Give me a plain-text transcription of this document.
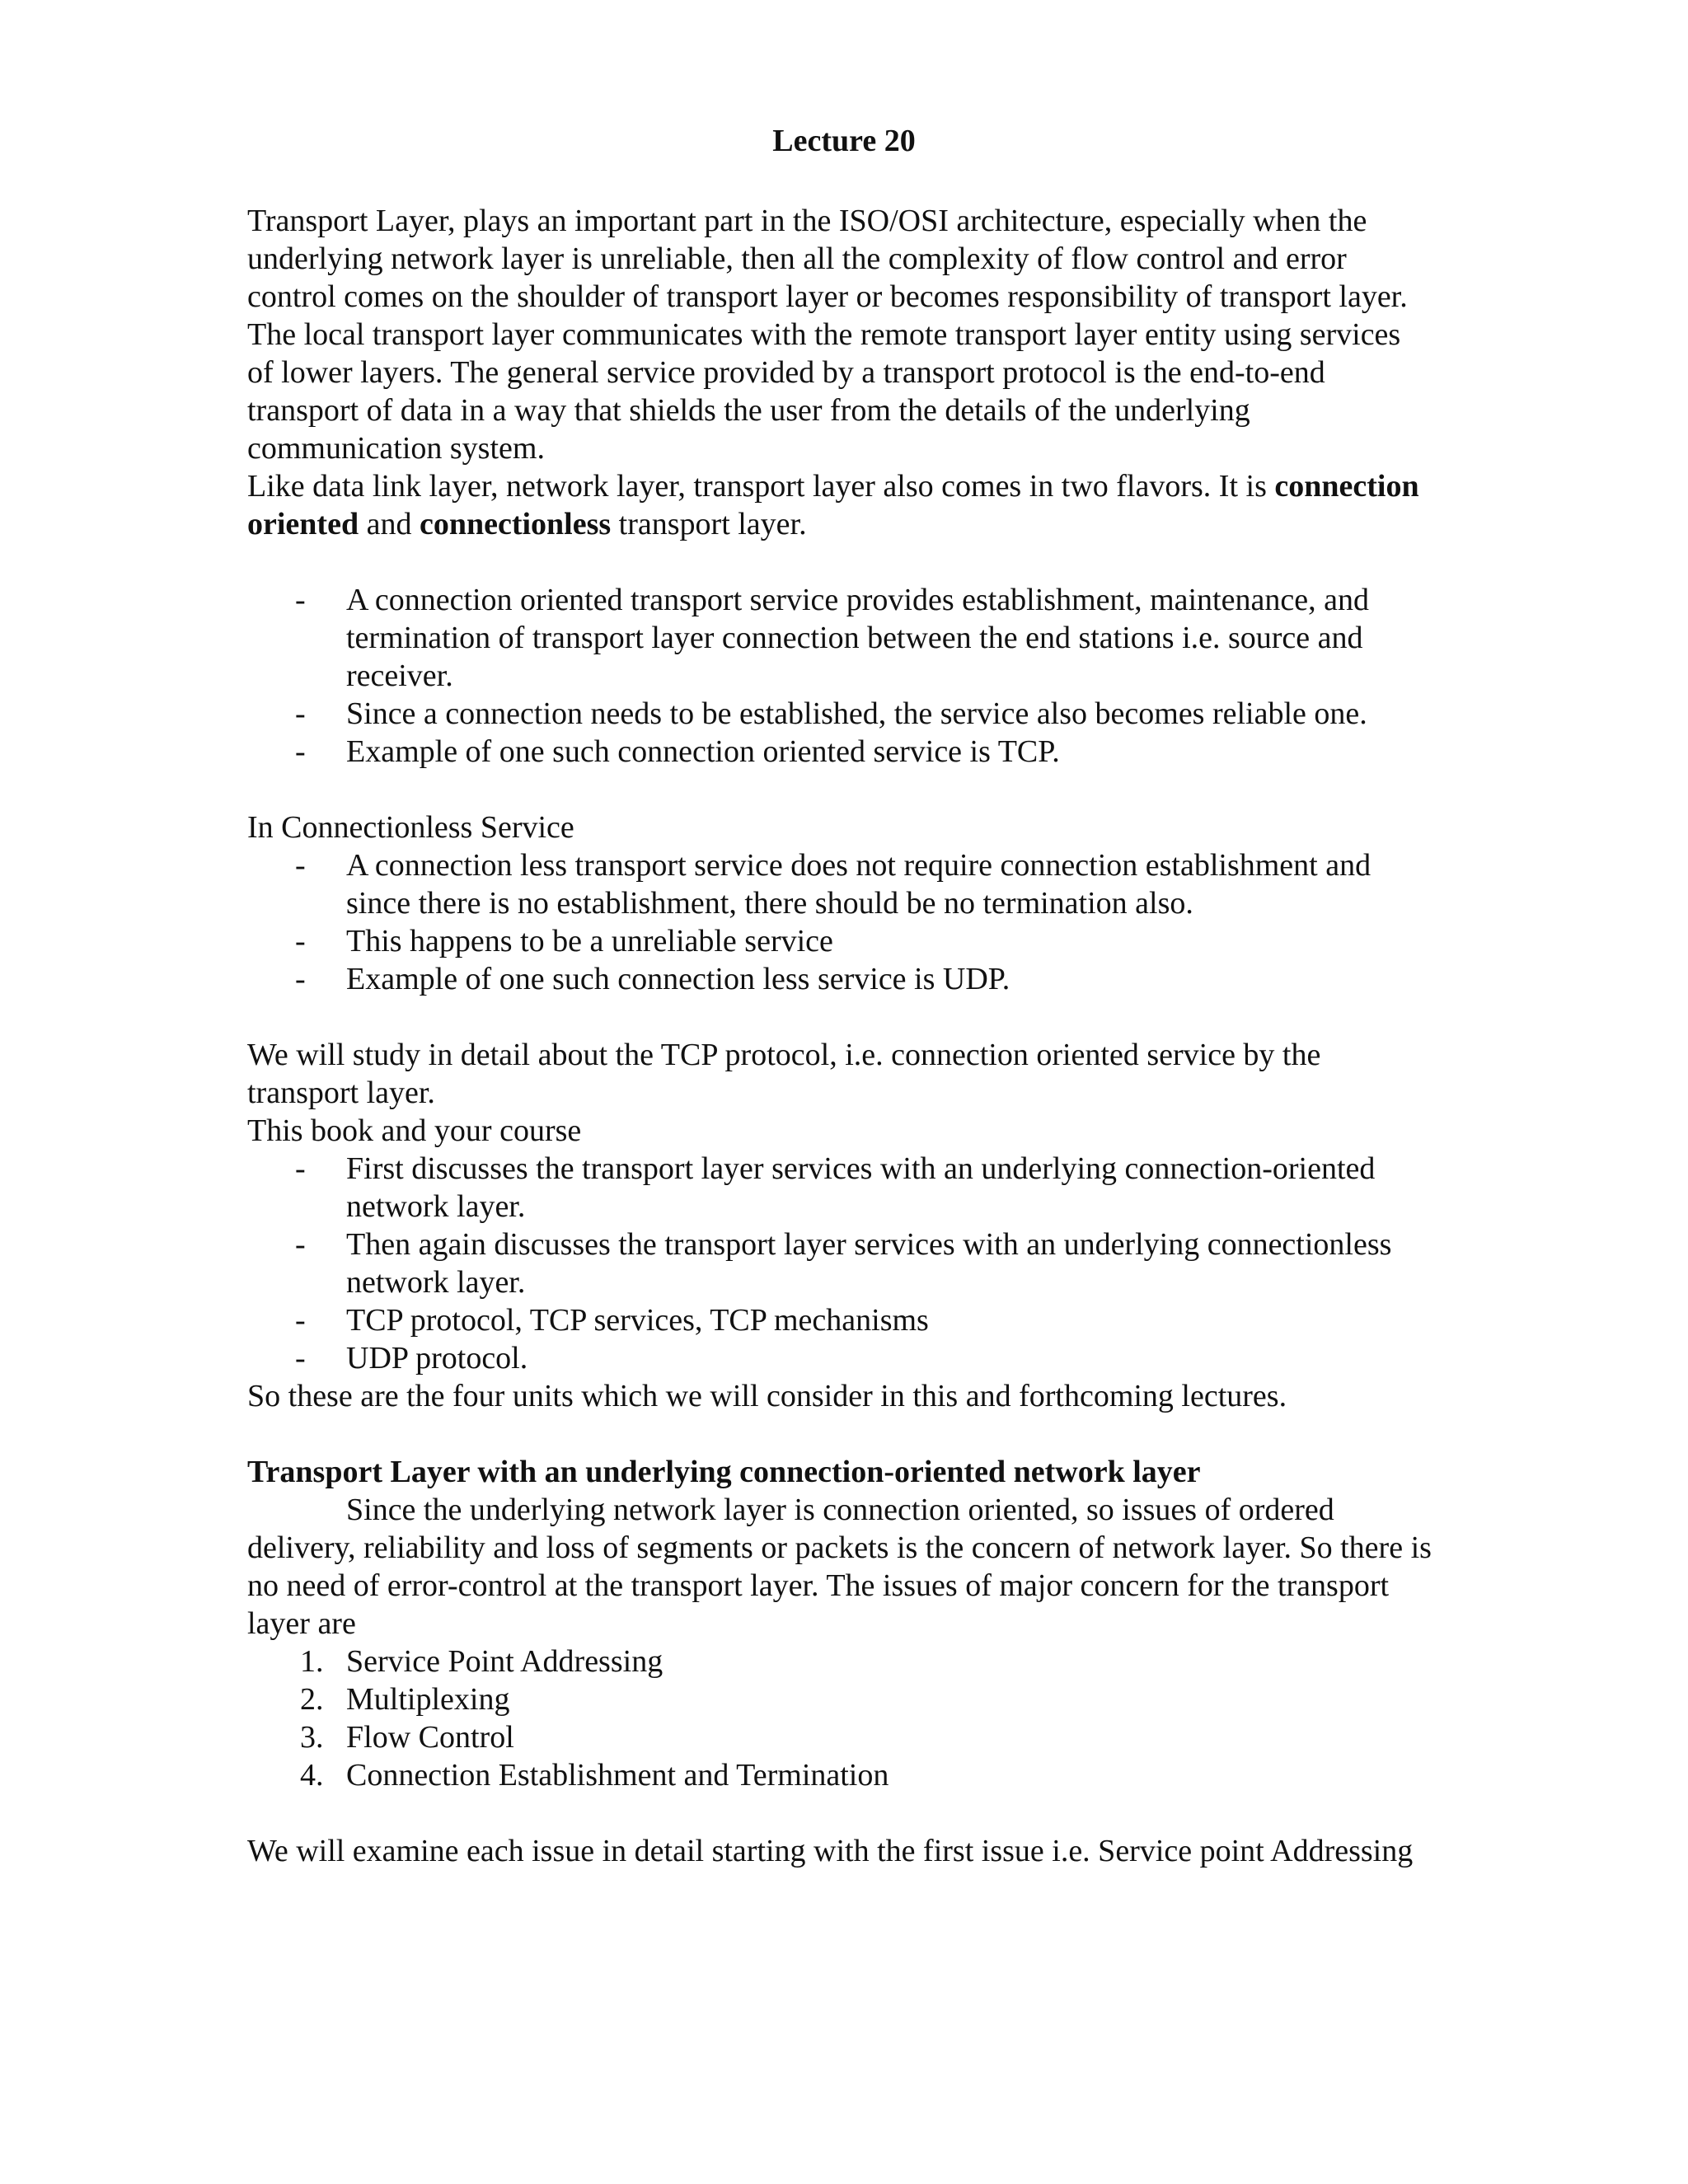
Lecture 20

Transport Layer, plays an important part in the ISO/OSI architecture, especially when the underlying network layer is unreliable, then all the complexity of flow control and error control comes on the shoulder of transport layer or becomes responsibility of transport layer.

The local transport layer communicates with the remote transport layer entity using services of lower layers. The general service provided by a transport protocol is the end-to-end transport of data in a way that shields the user from the details of the underlying communication system.

Like data link layer, network layer, transport layer also comes in two flavors. It is connection oriented and connectionless transport layer.

- A connection oriented transport service provides establishment, maintenance, and termination of transport layer connection between the end stations i.e. source and receiver.
- Since a connection needs to be established, the service also becomes reliable one.
- Example of one such connection oriented service is TCP.

In Connectionless Service

- A connection less transport service does not require connection establishment and since there is no establishment, there should be no termination also.
- This happens to be a unreliable service
- Example of one such connection less service is UDP.

We will study in detail about the TCP protocol, i.e. connection oriented service by the transport layer.

This book and your course

- First discusses the transport layer services with an underlying connection-oriented network layer.
- Then again discusses the transport layer services with an underlying connectionless network layer.
- TCP protocol, TCP services, TCP mechanisms
- UDP protocol.

So these are the four units which we will consider in this and forthcoming lectures.

Transport Layer with an underlying connection-oriented network layer

Since the underlying network layer is connection oriented, so issues of ordered delivery, reliability and loss of segments or packets is the concern of network layer. So there is no need of error-control at the transport layer. The issues of major concern for the transport layer are

1. Service Point Addressing
2. Multiplexing
3. Flow Control
4. Connection Establishment and Termination

We will examine each issue in detail starting with the first issue i.e. Service point Addressing
